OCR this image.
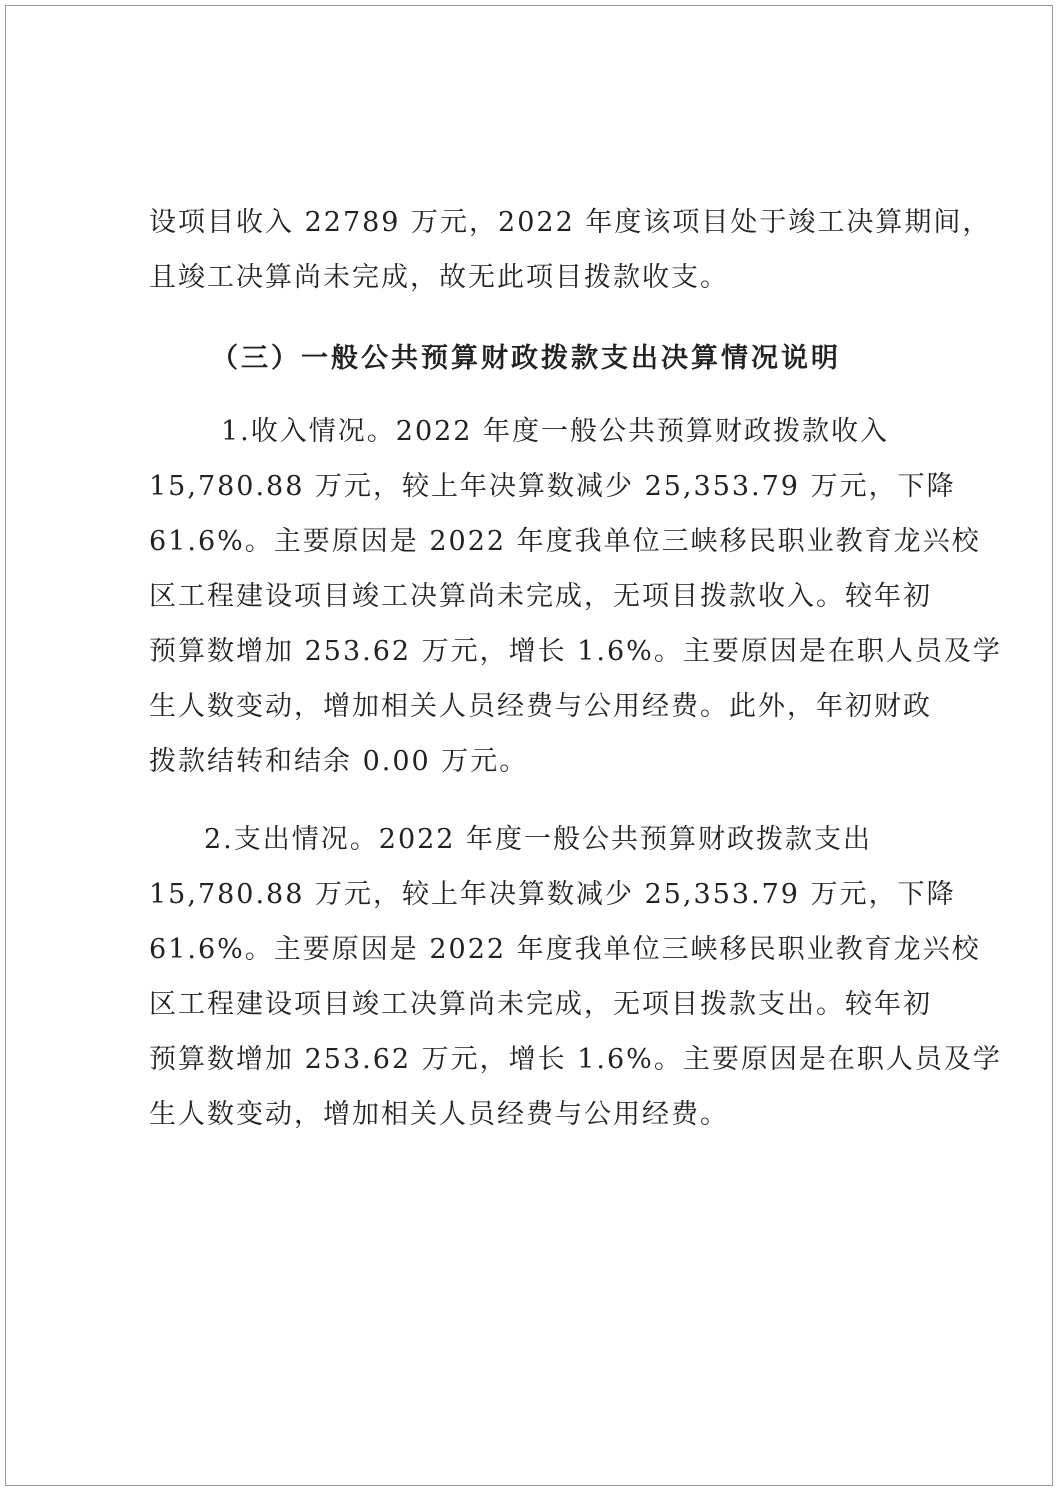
设项目收入 22789 万元，2022 年度该项目处于竣工决算期间，
且竣工决算尚未完成，故无此项目拨款收支。
（三）一般公共预算财政拨款支出决算情况说明
1.收入情况。2022 年度一般公共预算财政拨款收入
15,780.88 万元，较上年决算数减少 25,353.79 万元，下降
61.6%。主要原因是 2022 年度我单位三峡移民职业教育龙兴校
区工程建设项目竣工决算尚未完成，无项目拨款收入。较年初
预算数增加 253.62 万元，增长 1.6%。主要原因是在职人员及学
生人数变动，增加相关人员经费与公用经费。此外，年初财政
拨款结转和结余 0.00 万元。
2.支出情况。2022 年度一般公共预算财政拨款支出
15,780.88 万元，较上年决算数减少 25,353.79 万元，下降
61.6%。主要原因是 2022 年度我单位三峡移民职业教育龙兴校
区工程建设项目竣工决算尚未完成，无项目拨款支出。较年初
预算数增加 253.62 万元，增长 1.6%。主要原因是在职人员及学
生人数变动，增加相关人员经费与公用经费。
